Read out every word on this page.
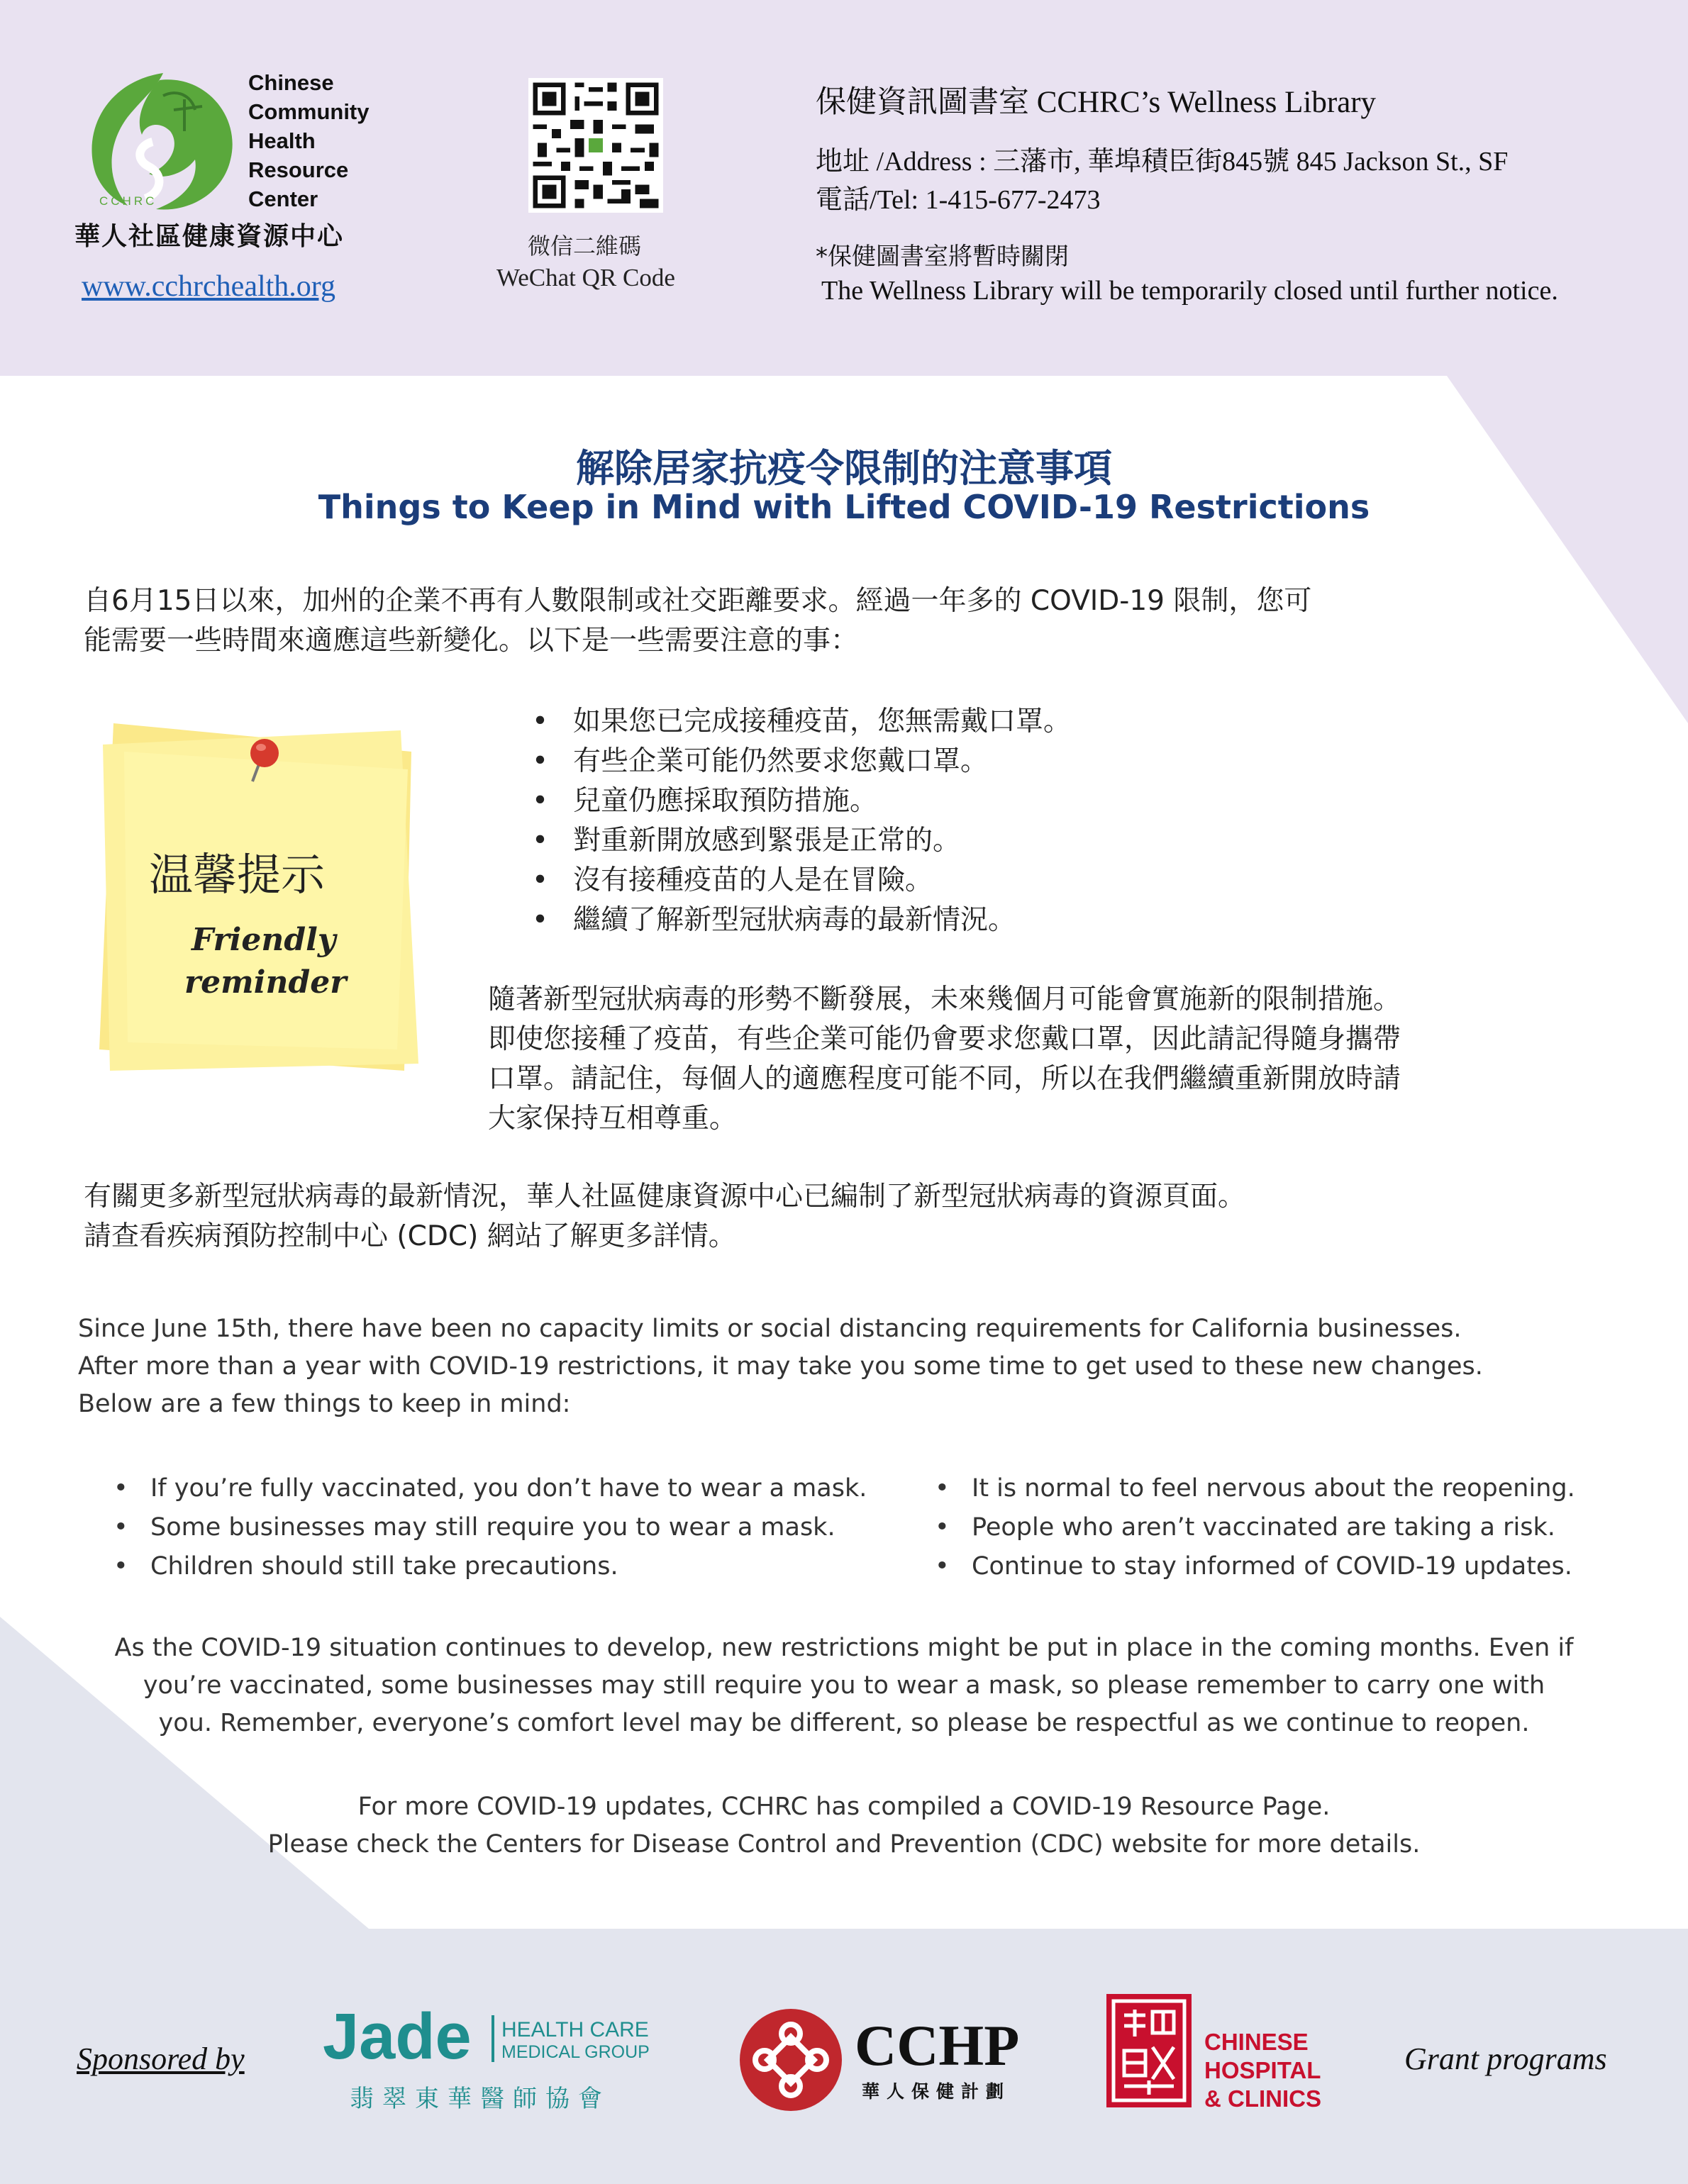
CCHRC
Chinese
Community
Health
Resource
Center
華人社區健康資源中心
www.cchrchealth.org
微信二維碼
WeChat QR Code
保健資訊圖書室 CCHRC’s Wellness Library
地址 /Address : 三藩市, 華埠積臣街845號 845 Jackson St., SF
電話/Tel: 1-415-677-2473
*保健圖書室將暫時關閉
The Wellness Library will be temporarily closed until further notice.
解除居家抗疫令限制的注意事項
Things to Keep in Mind with Lifted COVID-19 Restrictions
自6月15日以來，加州的企業不再有人數限制或社交距離要求。經過一年多的 COVID-19 限制，您可
能需要一些時間來適應這些新變化。以下是一些需要注意的事：
温馨提示
Friendly
reminder
• 如果您已完成接種疫苗，您無需戴口罩。
• 有些企業可能仍然要求您戴口罩。
• 兒童仍應採取預防措施。
• 對重新開放感到緊張是正常的。
• 沒有接種疫苗的人是在冒險。
• 繼續了解新型冠狀病毒的最新情況。
隨著新型冠狀病毒的形勢不斷發展，未來幾個月可能會實施新的限制措施。
即使您接種了疫苗，有些企業可能仍會要求您戴口罩，因此請記得隨身攜帶
口罩。請記住，每個人的適應程度可能不同，所以在我們繼續重新開放時請
大家保持互相尊重。
有關更多新型冠狀病毒的最新情況，華人社區健康資源中心已編制了新型冠狀病毒的資源頁面。
請查看疾病預防控制中心 (CDC) 網站了解更多詳情。
Since June 15th, there have been no capacity limits or social distancing requirements for California businesses.
After more than a year with COVID-19 restrictions, it may take you some time to get used to these new changes.
Below are a few things to keep in mind:
• If you’re fully vaccinated, you don’t have to wear a mask.
• Some businesses may still require you to wear a mask.
• Children should still take precautions.
• It is normal to feel nervous about the reopening.
• People who aren’t vaccinated are taking a risk.
• Continue to stay informed of COVID-19 updates.
As the COVID-19 situation continues to develop, new restrictions might be put in place in the coming months. Even if
you’re vaccinated, some businesses may still require you to wear a mask, so please remember to carry one with
you. Remember, everyone’s comfort level may be different, so please be respectful as we continue to reopen.
For more COVID-19 updates, CCHRC has compiled a COVID-19 Resource Page.
Please check the Centers for Disease Control and Prevention (CDC) website for more details.
Sponsored by Jade HEALTH CARE
MEDICAL GROUP
翡翠東華醫師協會
CCHP
華人保健計劃
CHINESE
HOSPITAL
& CLINICS
Grant programs
